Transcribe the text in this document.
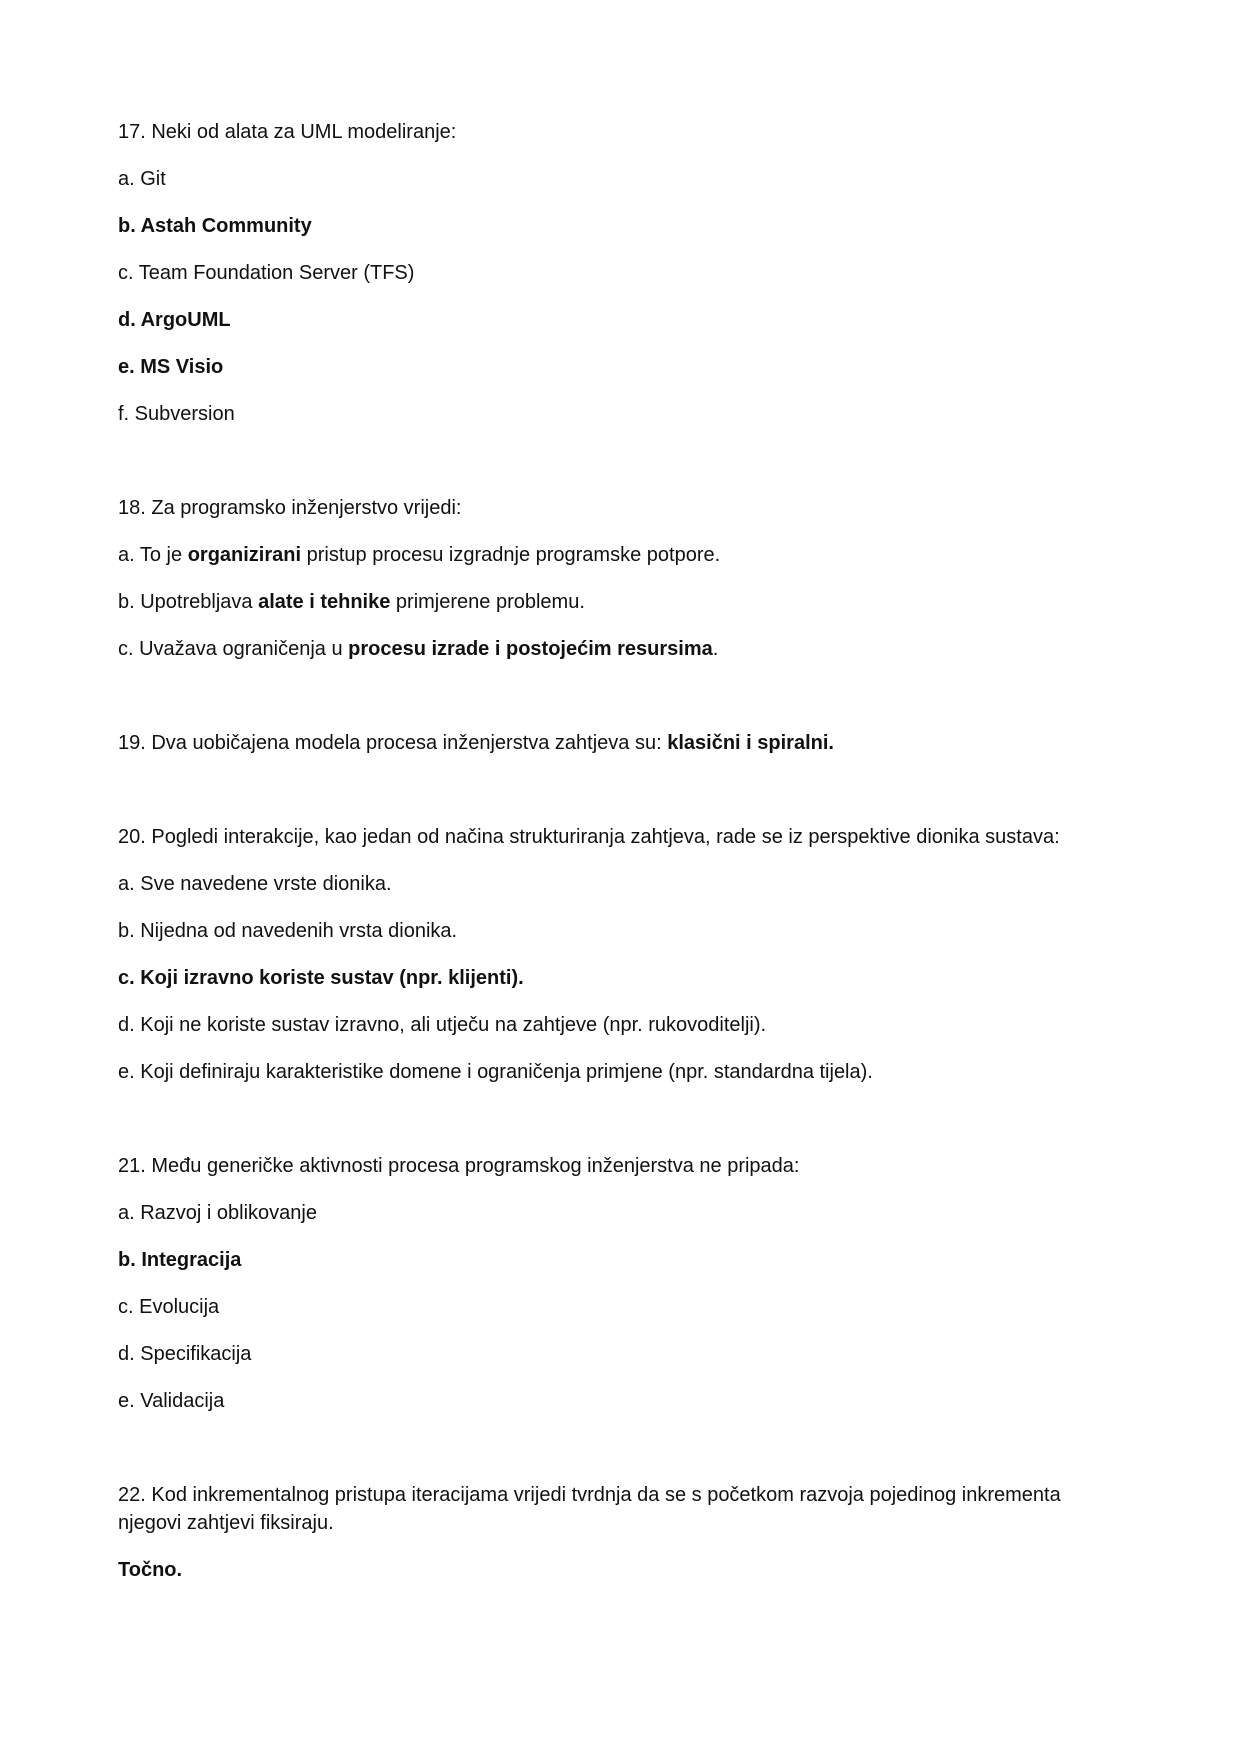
17. Neki od alata za UML modeliranje:

a. Git

b. Astah Community

c. Team Foundation Server (TFS)

d. ArgoUML

e. MS Visio

f. Subversion

18. Za programsko inženjerstvo vrijedi:

a. To je organizirani pristup procesu izgradnje programske potpore.

b. Upotrebljava alate i tehnike primjerene problemu.

c. Uvažava ograničenja u procesu izrade i postojećim resursima.

19. Dva uobičajena modela procesa inženjerstva zahtjeva su: klasični i spiralni.

20. Pogledi interakcije, kao jedan od načina strukturiranja zahtjeva, rade se iz perspektive dionika sustava:

a. Sve navedene vrste dionika.

b. Nijedna od navedenih vrsta dionika.

c. Koji izravno koriste sustav (npr. klijenti).

d. Koji ne koriste sustav izravno, ali utječu na zahtjeve (npr. rukovoditelji).

e. Koji definiraju karakteristike domene i ograničenja primjene (npr. standardna tijela).

21. Među generičke aktivnosti procesa programskog inženjerstva ne pripada:

a. Razvoj i oblikovanje

b. Integracija

c. Evolucija

d. Specifikacija

e. Validacija

22. Kod inkrementalnog pristupa iteracijama vrijedi tvrdnja da se s početkom razvoja pojedinog inkrementa njegovi zahtjevi fiksiraju.

Točno.
